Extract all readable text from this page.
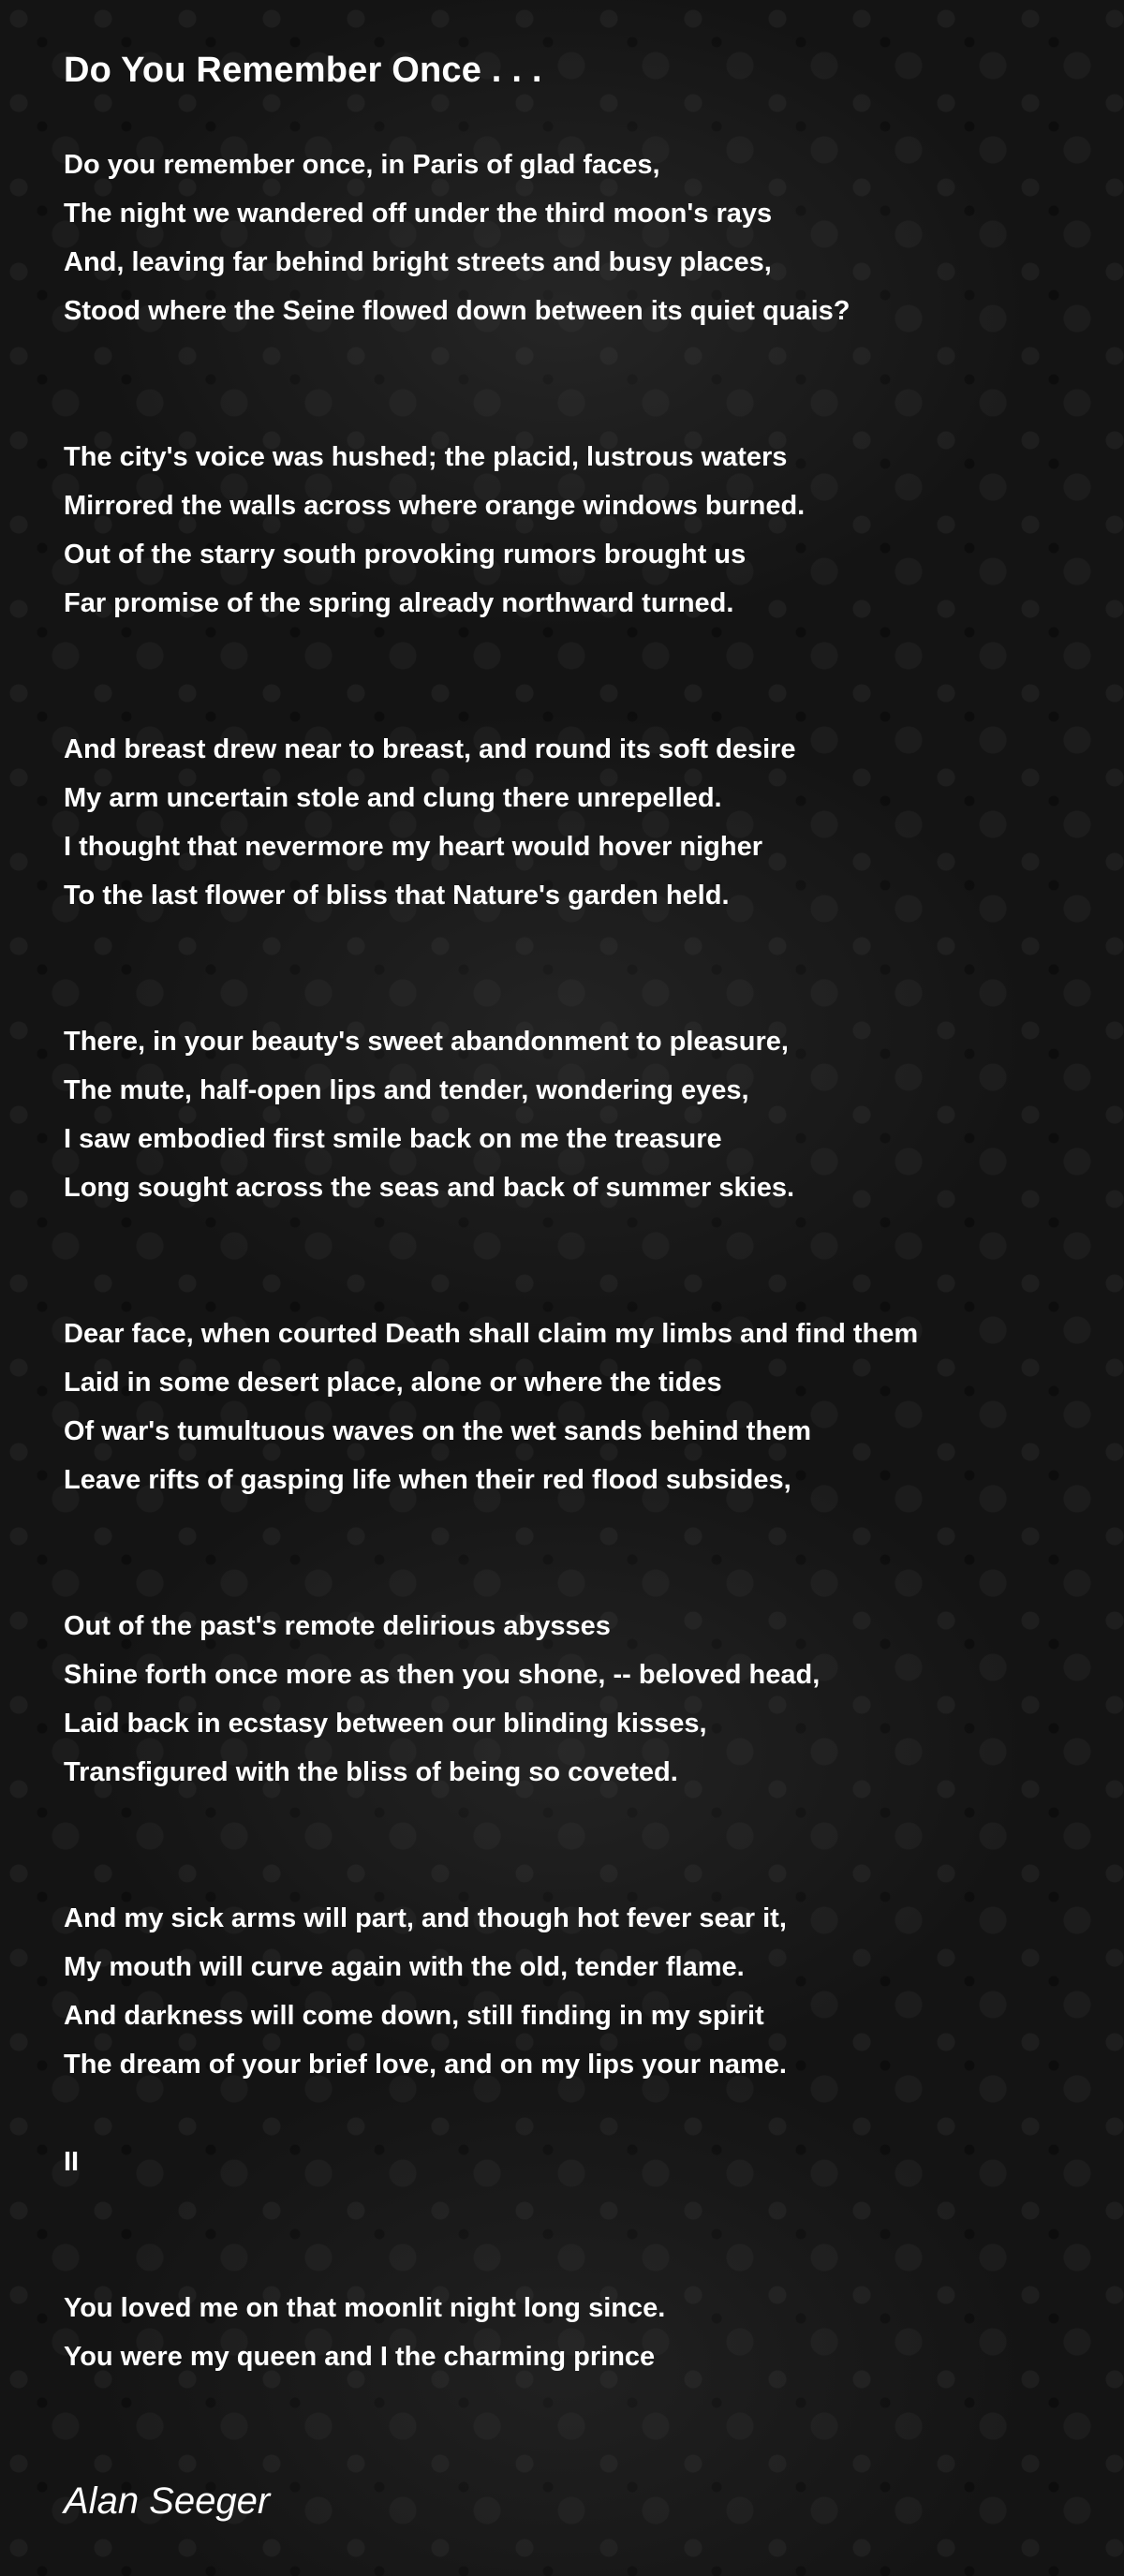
Do You Remember Once . . .
Do you remember once, in Paris of glad faces,
The night we wandered off under the third moon's rays
And, leaving far behind bright streets and busy places,
Stood where the Seine flowed down between its quiet quais?
The city's voice was hushed; the placid, lustrous waters
Mirrored the walls across where orange windows burned.
Out of the starry south provoking rumors brought us
Far promise of the spring already northward turned.
And breast drew near to breast, and round its soft desire
My arm uncertain stole and clung there unrepelled.
I thought that nevermore my heart would hover nigher
To the last flower of bliss that Nature's garden held.
There, in your beauty's sweet abandonment to pleasure,
The mute, half-open lips and tender, wondering eyes,
I saw embodied first smile back on me the treasure
Long sought across the seas and back of summer skies.
Dear face, when courted Death shall claim my limbs and find them
Laid in some desert place, alone or where the tides
Of war's tumultuous waves on the wet sands behind them
Leave rifts of gasping life when their red flood subsides,
Out of the past's remote delirious abysses
Shine forth once more as then you shone, -- beloved head,
Laid back in ecstasy between our blinding kisses,
Transfigured with the bliss of being so coveted.
And my sick arms will part, and though hot fever sear it,
My mouth will curve again with the old, tender flame.
And darkness will come down, still finding in my spirit
The dream of your brief love, and on my lips your name.
II
You loved me on that moonlit night long since.
You were my queen and I the charming prince

Alan Seeger
